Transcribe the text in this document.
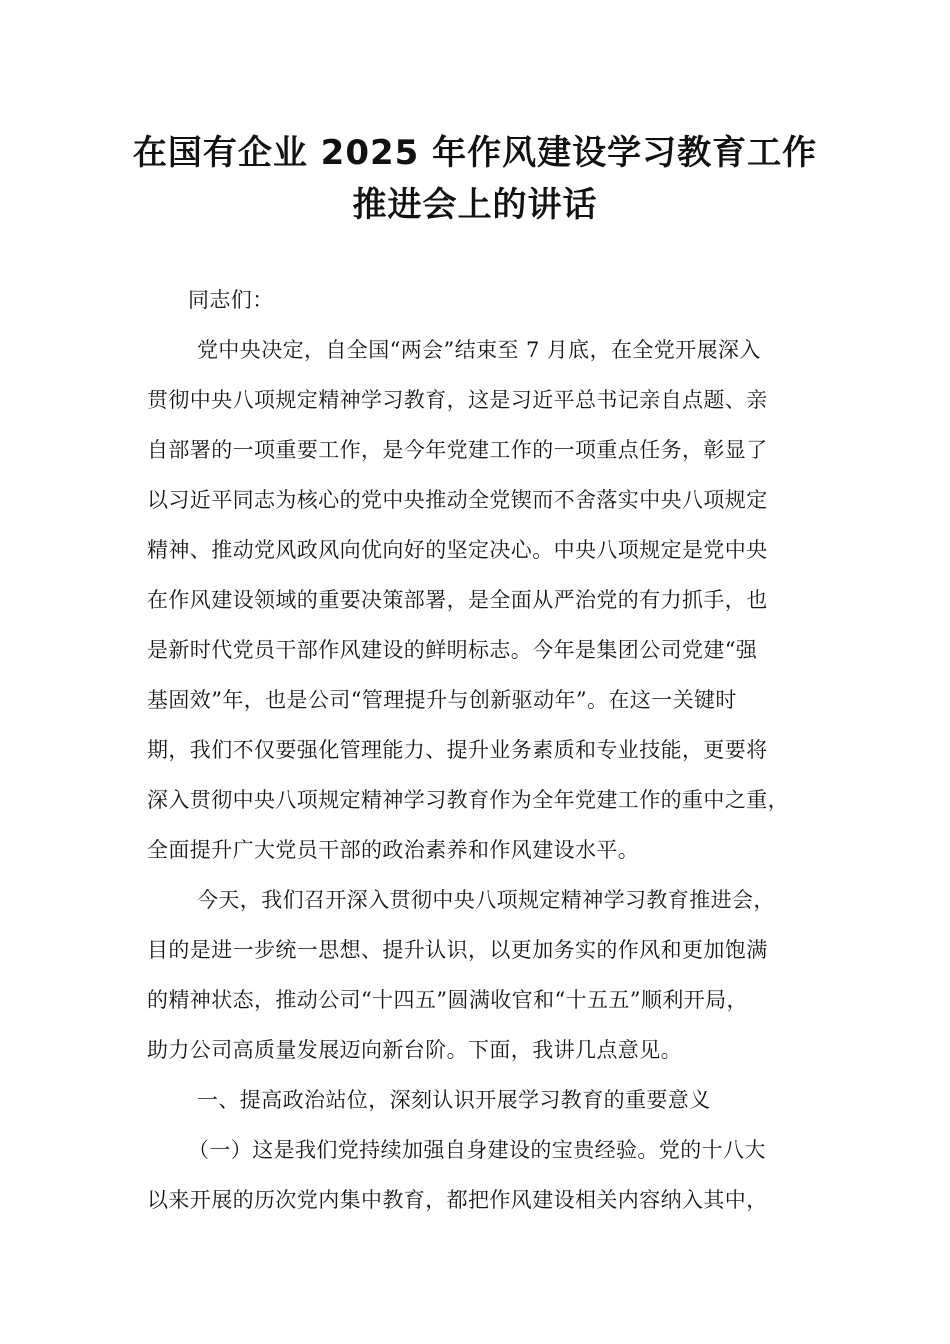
在国有企业 2025 年作风建设学习教育工作
推进会上的讲话
同志们：
党中央决定，自全国“两会”结束至 7 月底，在全党开展深入
贯彻中央八项规定精神学习教育，这是习近平总书记亲自点题、亲
自部署的一项重要工作，是今年党建工作的一项重点任务，彰显了
以习近平同志为核心的党中央推动全党锲而不舍落实中央八项规定
精神、推动党风政风向优向好的坚定决心。中央八项规定是党中央
在作风建设领域的重要决策部署，是全面从严治党的有力抓手，也
是新时代党员干部作风建设的鲜明标志。今年是集团公司党建“强
基固效”年，也是公司“管理提升与创新驱动年”。在这一关键时
期，我们不仅要强化管理能力、提升业务素质和专业技能，更要将
深入贯彻中央八项规定精神学习教育作为全年党建工作的重中之重，
全面提升广大党员干部的政治素养和作风建设水平。
今天，我们召开深入贯彻中央八项规定精神学习教育推进会，
目的是进一步统一思想、提升认识，以更加务实的作风和更加饱满
的精神状态，推动公司“十四五”圆满收官和“十五五”顺利开局，
助力公司高质量发展迈向新台阶。下面，我讲几点意见。
一、提高政治站位，深刻认识开展学习教育的重要意义
（一）这是我们党持续加强自身建设的宝贵经验。党的十八大
以来开展的历次党内集中教育，都把作风建设相关内容纳入其中，
